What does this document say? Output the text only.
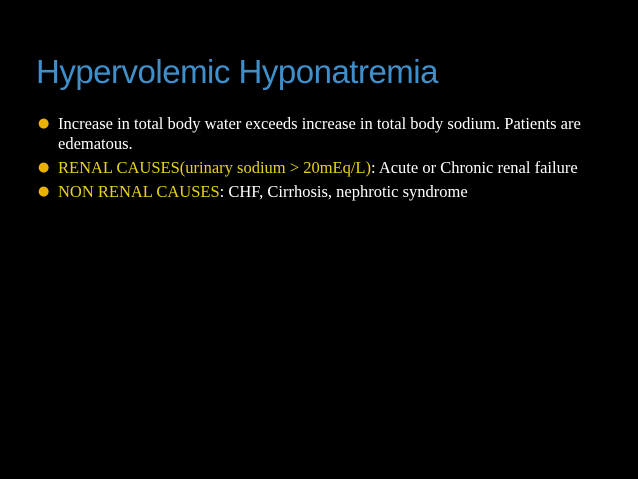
Hypervolemic Hyponatremia
● Increase in total body water exceeds increase in total body sodium. Patients are edematous.
● RENAL CAUSES(urinary sodium > 20mEq/L): Acute or Chronic renal failure
● NON RENAL CAUSES: CHF, Cirrhosis, nephrotic syndrome
